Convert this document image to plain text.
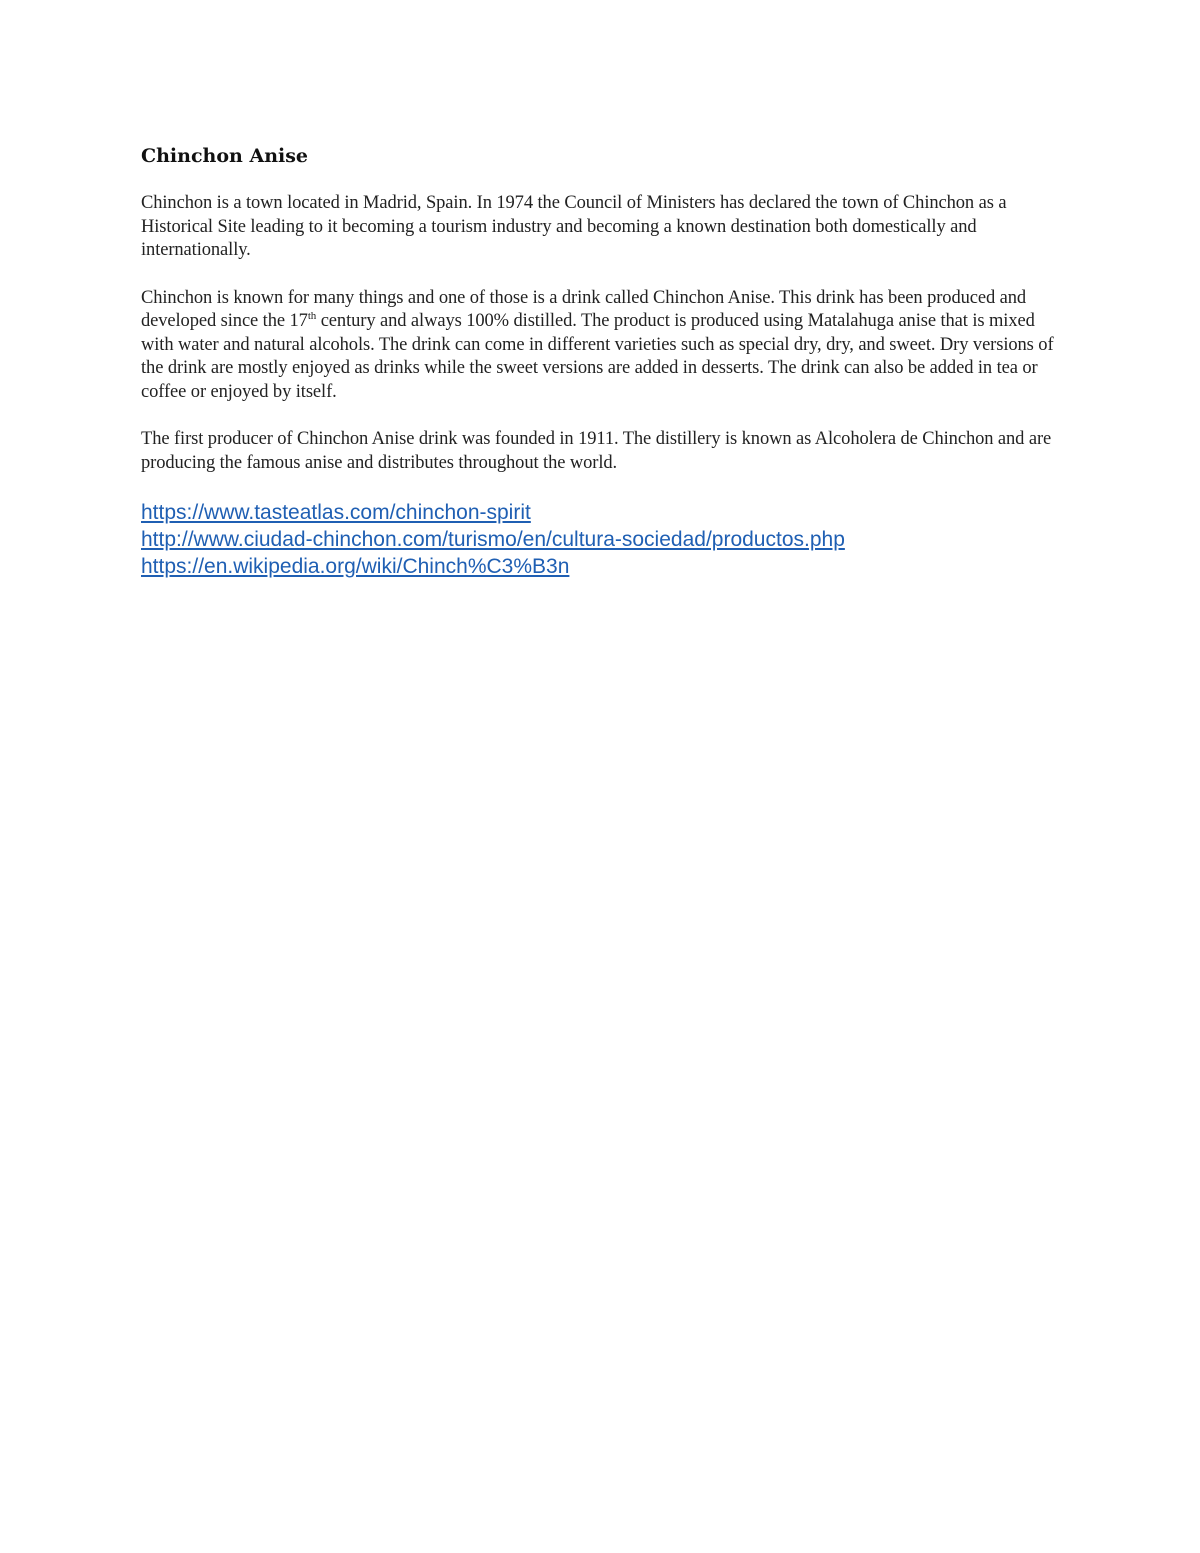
Chinchon Anise

Chinchon is a town located in Madrid, Spain. In 1974 the Council of Ministers has declared the town of Chinchon as a Historical Site leading to it becoming a tourism industry and becoming a known destination both domestically and internationally.

Chinchon is known for many things and one of those is a drink called Chinchon Anise. This drink has been produced and developed since the 17th century and always 100% distilled. The product is produced using Matalahuga anise that is mixed with water and natural alcohols. The drink can come in different varieties such as special dry, dry, and sweet. Dry versions of the drink are mostly enjoyed as drinks while the sweet versions are added in desserts. The drink can also be added in tea or coffee or enjoyed by itself.

The first producer of Chinchon Anise drink was founded in 1911. The distillery is known as Alcoholera de Chinchon and are producing the famous anise and distributes throughout the world.

https://www.tasteatlas.com/chinchon-spirit
http://www.ciudad-chinchon.com/turismo/en/cultura-sociedad/productos.php
https://en.wikipedia.org/wiki/Chinch%C3%B3n
